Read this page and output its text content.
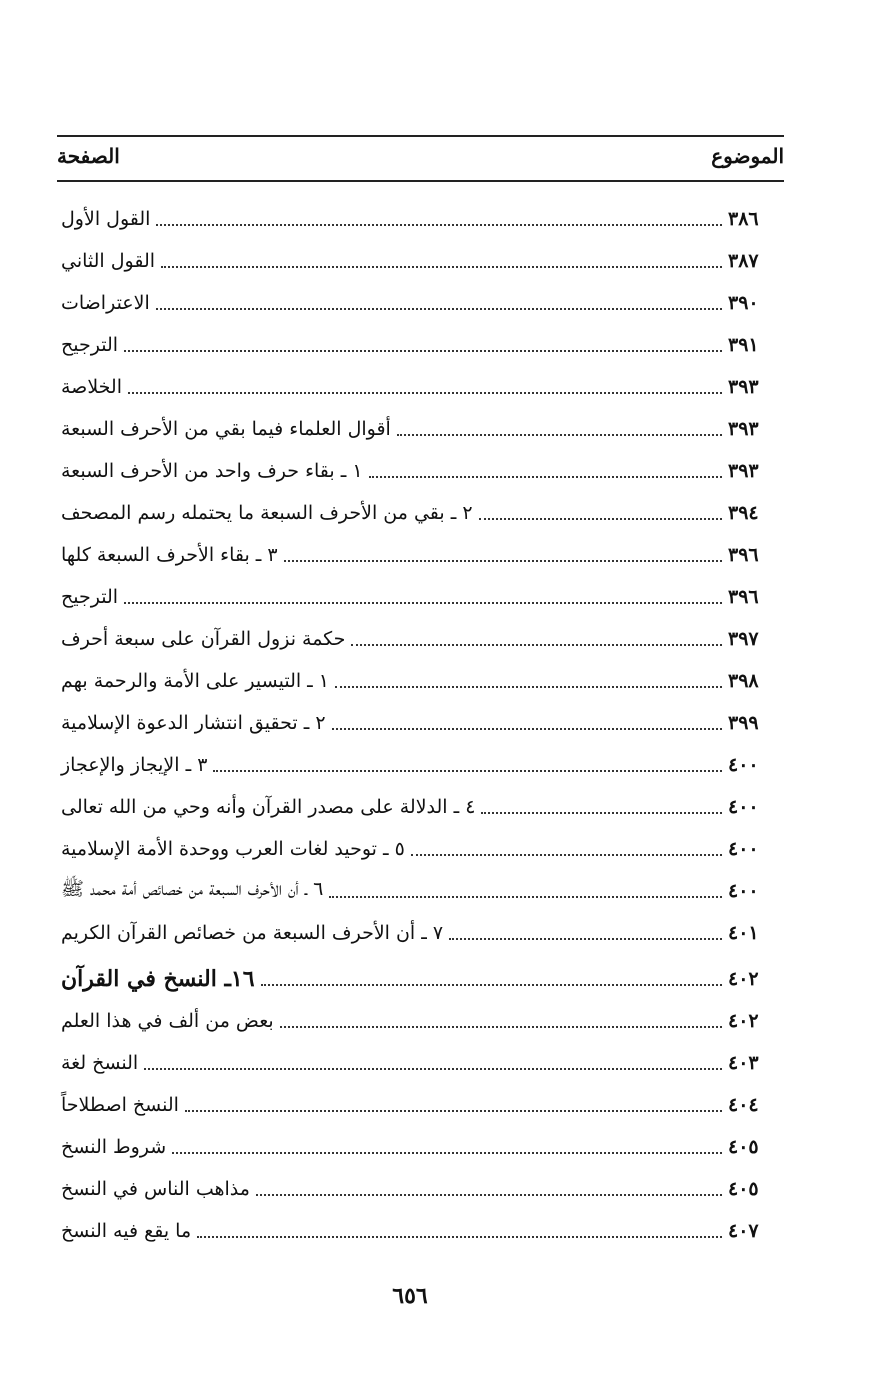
الموضوع
الصفحة
القول الأول	٣٨٦
القول الثاني	٣٨٧
الاعتراضات	٣٩٠
الترجيح	٣٩١
الخلاصة	٣٩٣
أقوال العلماء فيما بقي من الأحرف السبعة	٣٩٣
١ ـ بقاء حرف واحد من الأحرف السبعة	٣٩٣
٢ ـ بقي من الأحرف السبعة ما يحتمله رسم المصحف	٣٩٤
٣ ـ بقاء الأحرف السبعة كلها	٣٩٦
الترجيح	٣٩٦
حكمة نزول القرآن على سبعة أحرف	٣٩٧
١ ـ التيسير على الأمة والرحمة بهم	٣٩٨
٢ ـ تحقيق انتشار الدعوة الإسلامية	٣٩٩
٣ ـ الإيجاز والإعجاز	٤٠٠
٤ ـ الدلالة على مصدر القرآن وأنه وحي من الله تعالى	٤٠٠
٥ ـ توحيد لغات العرب ووحدة الأمة الإسلامية	٤٠٠
٦ ـ أن الأحرف السبعة من خصائص أمة محمد ﷺ	٤٠٠
٧ ـ أن الأحرف السبعة من خصائص القرآن الكريم	٤٠١
١٦ـ النسخ في القرآن	٤٠٢
بعض من ألف في هذا العلم	٤٠٢
النسخ لغة	٤٠٣
النسخ اصطلاحاً	٤٠٤
شروط النسخ	٤٠٥
مذاهب الناس في النسخ	٤٠٥
ما يقع فيه النسخ	٤٠٧
٦٥٦
